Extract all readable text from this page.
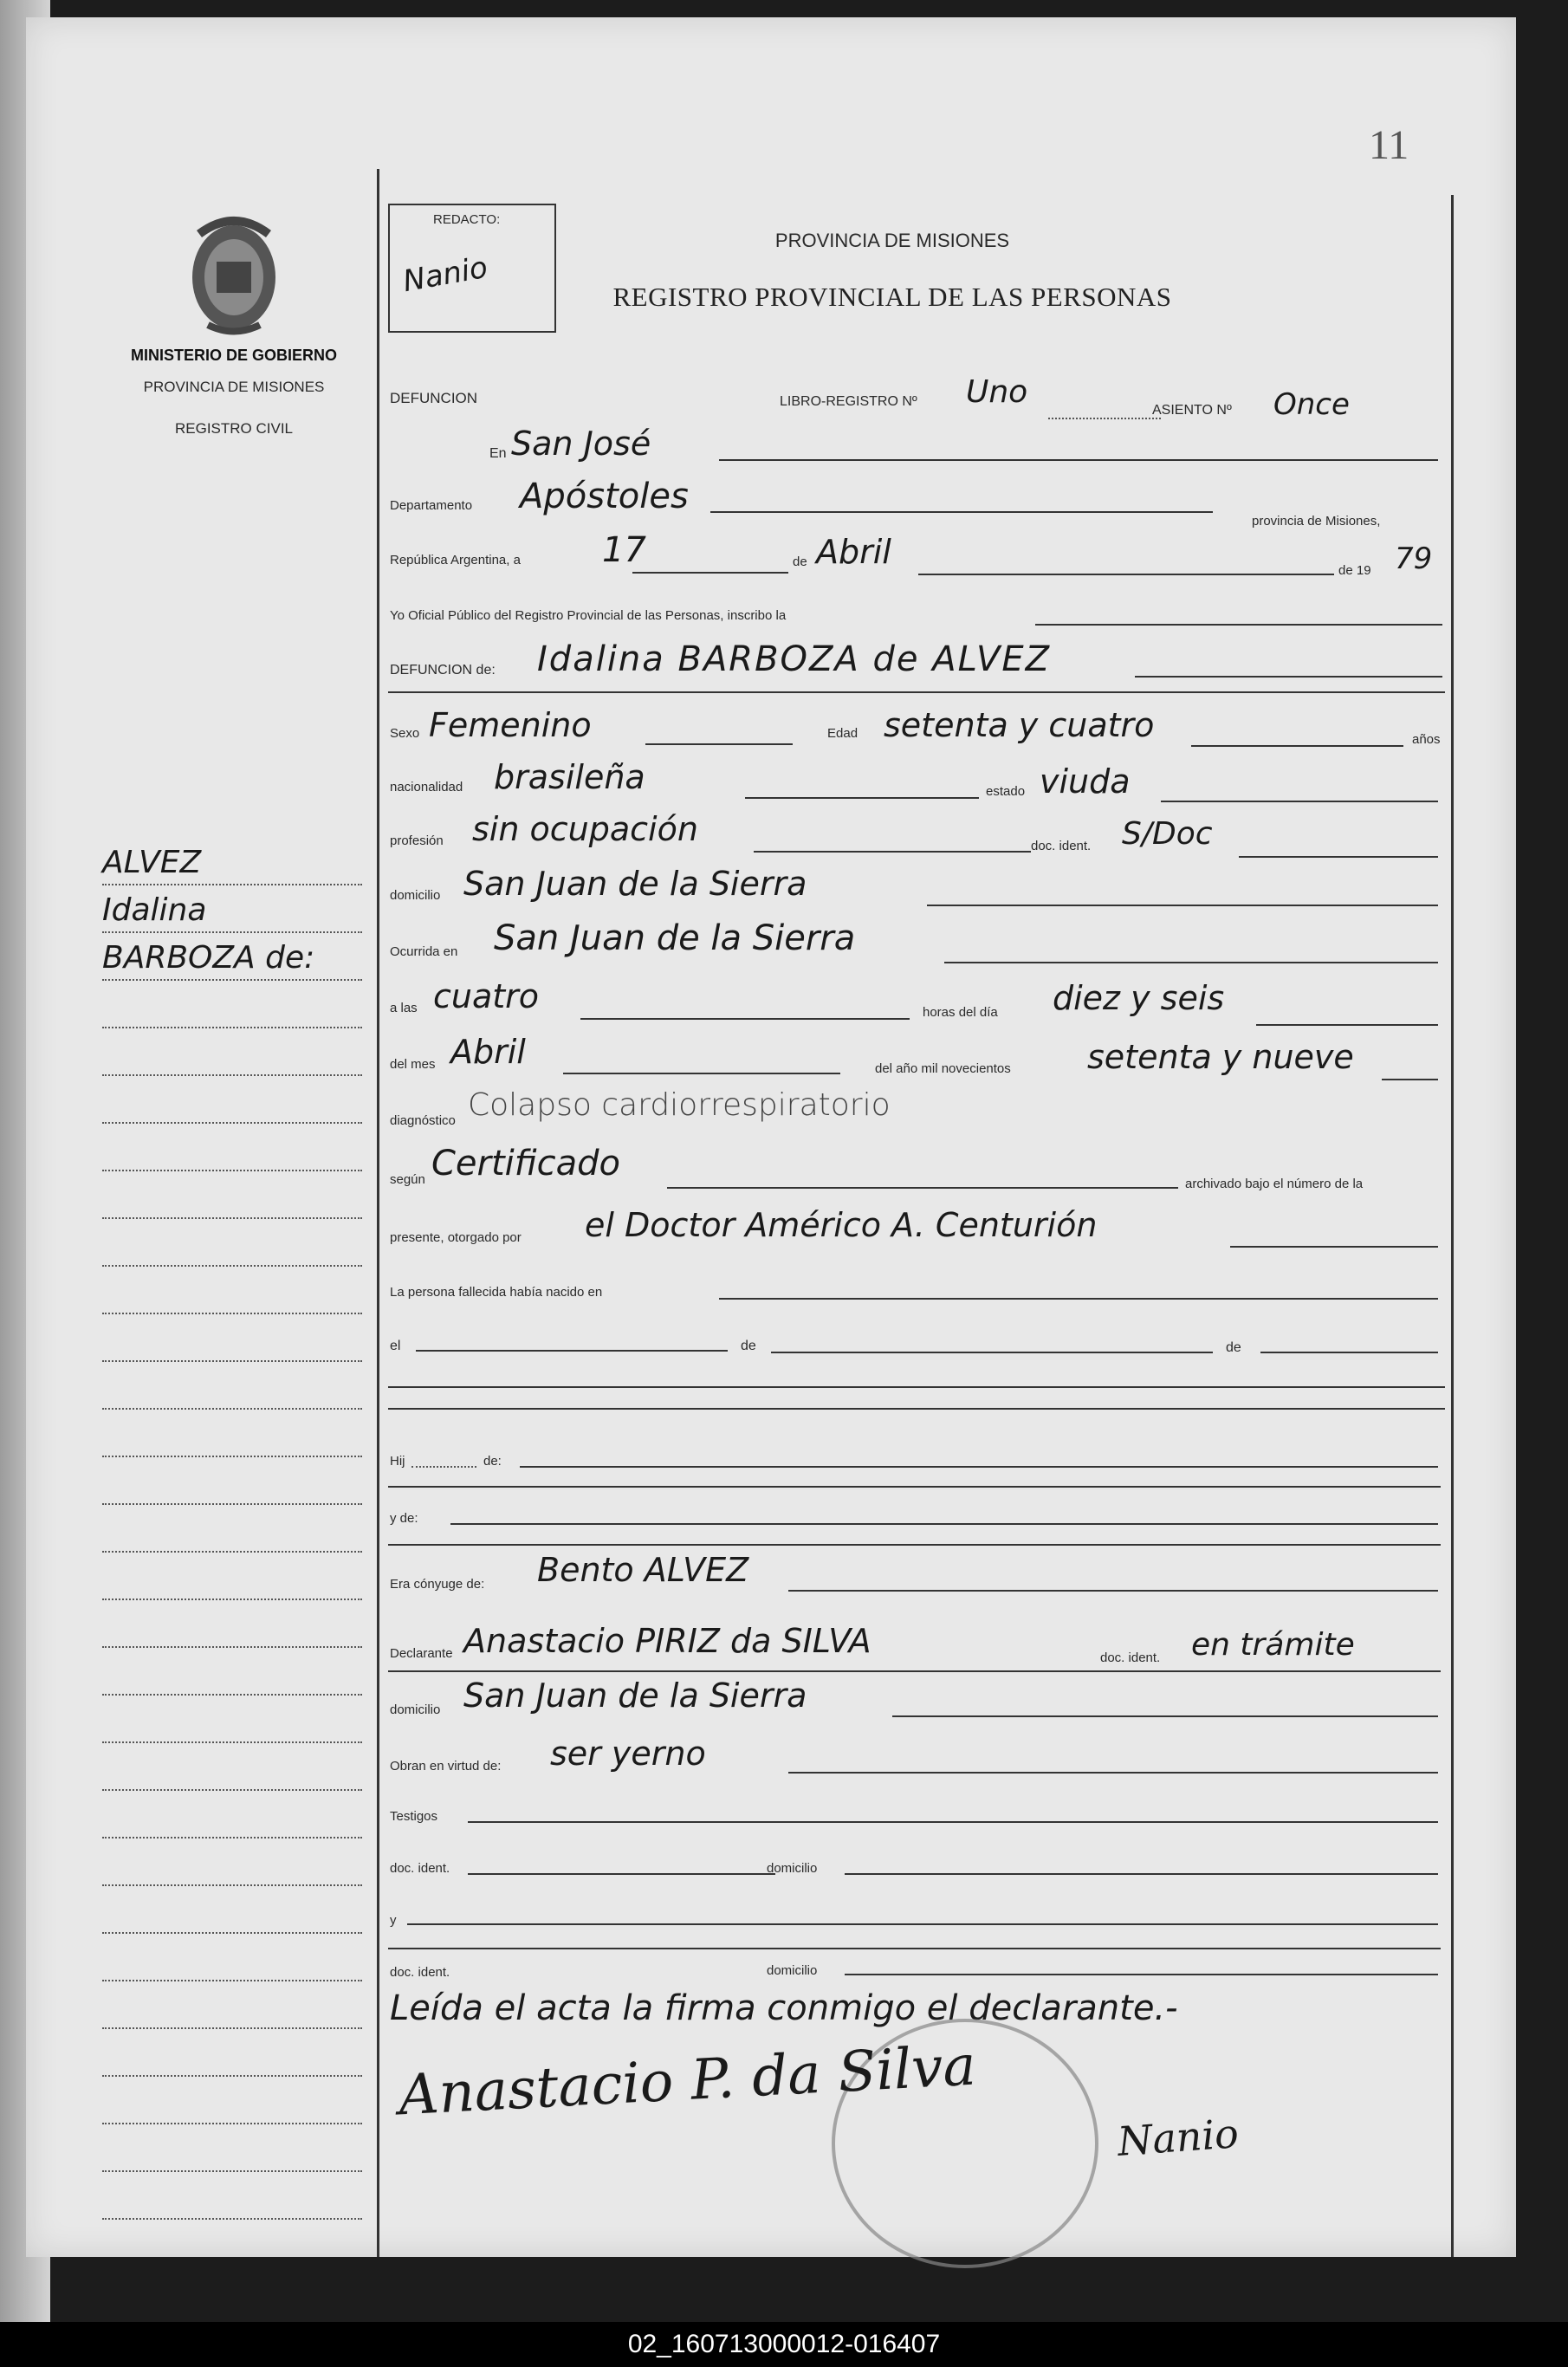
11
MINISTERIO DE GOBIERNO
PROVINCIA DE MISIONES
REGISTRO CIVIL
ALVEZ
Idalina
BARBOZA de:
REDACTO:
Nanio
PROVINCIA DE MISIONES
REGISTRO PROVINCIAL DE LAS PERSONAS
DEFUNCION	LIBRO-REGISTRO Nº Uno
ASIENTO Nº Once
En San José
Departamento Apóstoles
provincia de Misiones,
República Argentina, a 17	de Abril	de 19 79
Yo Oficial Público del Registro Provincial de las Personas, inscribo la
DEFUNCION de: Idalina BARBOZA de ALVEZ
Sexo Femenino	Edad setenta y cuatro	años
nacionalidad brasileña	estado viuda
profesión sin ocupación	doc. ident. S/Doc
domicilio San Juan de la Sierra
Ocurrida en San Juan de la Sierra
a las cuatro	horas del día diez y seis
del mes Abril	del año mil novecientos setenta y nueve
diagnóstico Colapso cardiorrespiratorio
según Certificado
archivado bajo el número de la
presente, otorgado por el Doctor Américo A. Centurión
La persona fallecida había nacido en
el	de	de
Hij	de:
y de:
Era cónyuge de: Bento ALVEZ
Declarante Anastacio PIRIZ da SILVA	doc. ident. en trámite
domicilio San Juan de la Sierra
Obran en virtud de: ser yerno
Testigos
doc. ident.	domicilio
y
doc. ident.	domicilio
Leída el acta la firma conmigo el declarante.-
Anastacio P. da Silva
Nanio
02_160713000012-016407
